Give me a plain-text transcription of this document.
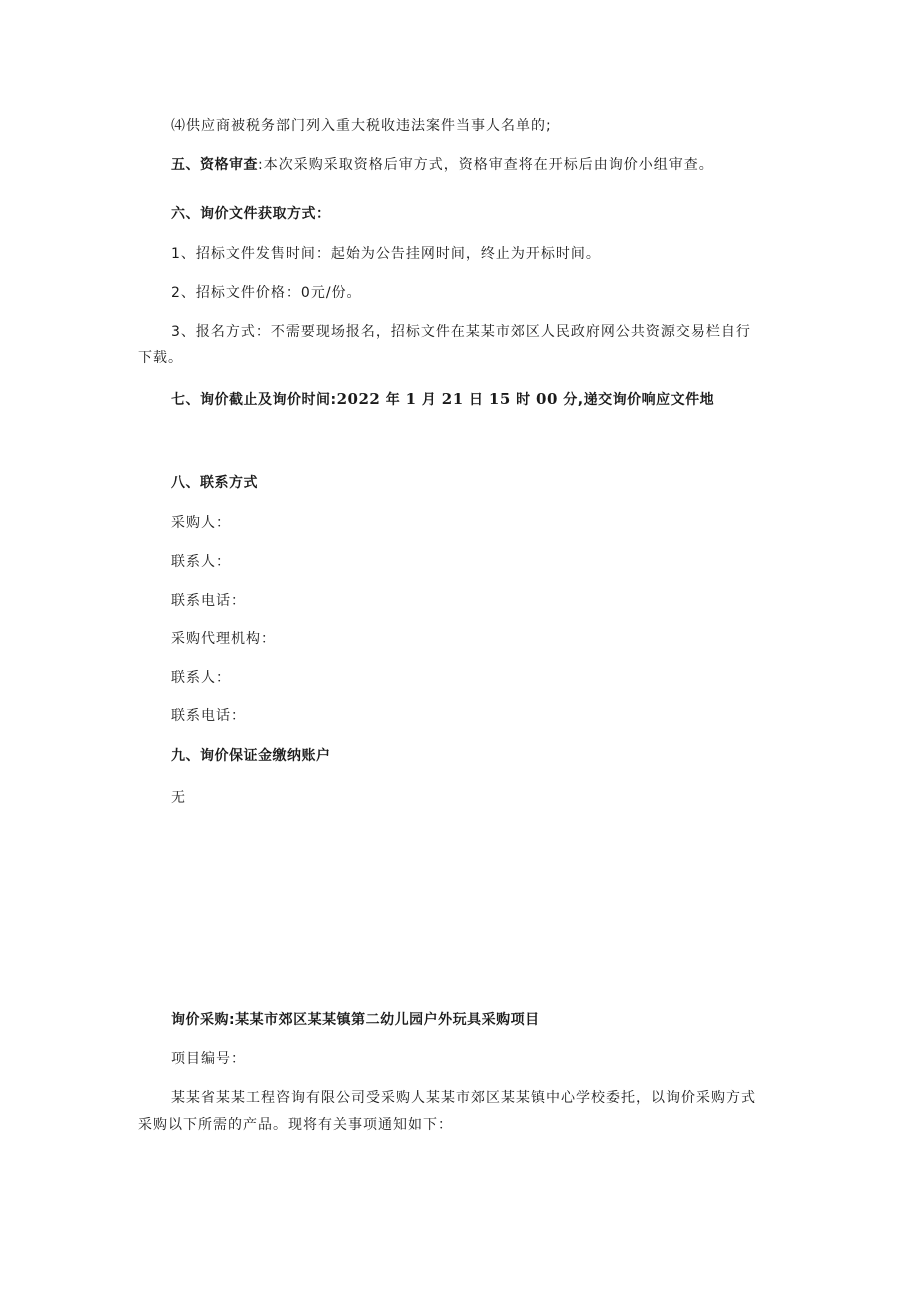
⑷供应商被税务部门列入重大税收违法案件当事人名单的;
五、资格审查:本次采购采取资格后审方式，资格审查将在开标后由询价小组审查。
六、询价文件获取方式：
1、招标文件发售时间：起始为公告挂网时间，终止为开标时间。
2、招标文件价格：0元/份。
3、报名方式：不需要现场报名，招标文件在某某市郊区人民政府网公共资源交易栏自行
下载。
七、询价截止及询价时间:2022 年 1 月 21 日 15 时 00 分,递交询价响应文件地
八、联系方式
采购人：
联系人：
联系电话：
采购代理机构：
联系人：
联系电话：
九、询价保证金缴纳账户
无
询价采购:某某市郊区某某镇第二幼儿园户外玩具采购项目
项目编号：
某某省某某工程咨询有限公司受采购人某某市郊区某某镇中心学校委托，以询价采购方式
采购以下所需的产品。现将有关事项通知如下：
